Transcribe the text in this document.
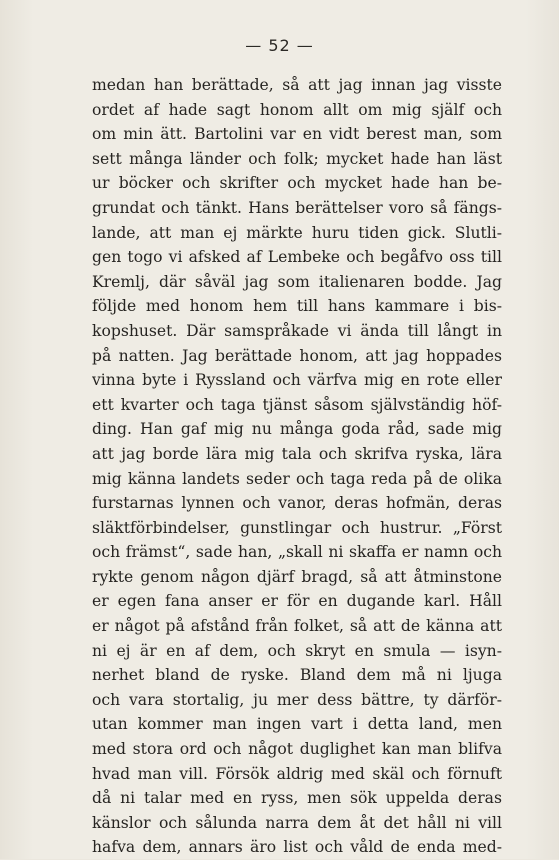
— 52 —
medan han berättade, så att jag innan jag visste
ordet af hade sagt honom allt om mig själf och
om min ätt. Bartolini var en vidt berest man, som
sett många länder och folk; mycket hade han läst
ur böcker och skrifter och mycket hade han be-
grundat och tänkt. Hans berättelser voro så fängs-
lande, att man ej märkte huru tiden gick. Slutli-
gen togo vi afsked af Lembeke och begåfvo oss till
Kremlj, där såväl jag som italienaren bodde. Jag
följde med honom hem till hans kammare i bis-
kopshuset. Där samspråkade vi ända till långt in
på natten. Jag berättade honom, att jag hoppades
vinna byte i Ryssland och värfva mig en rote eller
ett kvarter och taga tjänst såsom självständig höf-
ding. Han gaf mig nu många goda råd, sade mig
att jag borde lära mig tala och skrifva ryska, lära
mig känna landets seder och taga reda på de olika
furstarnas lynnen och vanor, deras hofmän, deras
släktförbindelser, gunstlingar och hustrur. „Först
och främst“, sade han, „skall ni skaffa er namn och
rykte genom någon djärf bragd, så att åtminstone
er egen fana anser er för en dugande karl. Håll
er något på afstånd från folket, så att de känna att
ni ej är en af dem, och skryt en smula — isyn-
nerhet bland de ryske. Bland dem må ni ljuga
och vara stortalig, ju mer dess bättre, ty därför-
utan kommer man ingen vart i detta land, men
med stora ord och något duglighet kan man blifva
hvad man vill. Försök aldrig med skäl och förnuft
då ni talar med en ryss, men sök uppelda deras
känslor och sålunda narra dem åt det håll ni vill
hafva dem, annars äro list och våld de enda med-
